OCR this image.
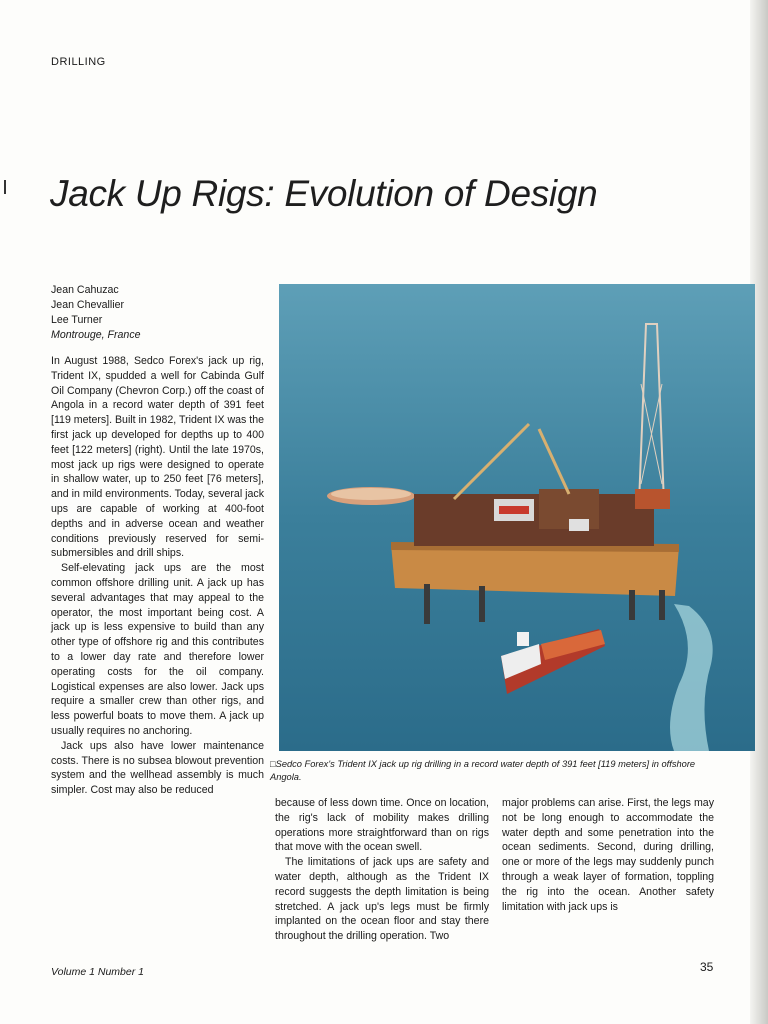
DRILLING
Jack Up Rigs: Evolution of Design
Jean Cahuzac
Jean Chevallier
Lee Turner
Montrouge, France

In August 1988, Sedco Forex's jack up rig, Trident IX, spudded a well for Cabinda Gulf Oil Company (Chevron Corp.) off the coast of Angola in a record water depth of 391 feet [119 meters]. Built in 1982, Trident IX was the first jack up developed for depths up to 400 feet [122 meters] (right). Until the late 1970s, most jack up rigs were designed to operate in shallow water, up to 250 feet [76 meters], and in mild environments. Today, several jack ups are capable of working at 400-foot depths and in adverse ocean and weather conditions previously reserved for semi-submersibles and drill ships.

Self-elevating jack ups are the most common offshore drilling unit. A jack up has several advantages that may appeal to the operator, the most important being cost. A jack up is less expensive to build than any other type of offshore rig and this contributes to a lower day rate and therefore lower operating costs for the oil company. Logistical expenses are also lower. Jack ups require a smaller crew than other rigs, and less powerful boats to move them. A jack up usually requires no anchoring.

Jack ups also have lower maintenance costs. There is no subsea blowout prevention system and the wellhead assembly is much simpler. Cost may also be reduced

□Sedco Forex's Trident IX jack up rig drilling in a record water depth of 391 feet [119 meters] in offshore Angola.

because of less down time. Once on location, the rig's lack of mobility makes drilling operations more straightforward than on rigs that move with the ocean swell.

The limitations of jack ups are safety and water depth, although as the Trident IX record suggests the depth limitation is being stretched. A jack up's legs must be firmly implanted on the ocean floor and stay there throughout the drilling operation. Two

major problems can arise. First, the legs may not be long enough to accommodate the water depth and some penetration into the ocean sediments. Second, during drilling, one or more of the legs may suddenly punch through a weak layer of formation, toppling the rig into the ocean. Another safety limitation with jack ups is

Volume 1 Number 1	35
